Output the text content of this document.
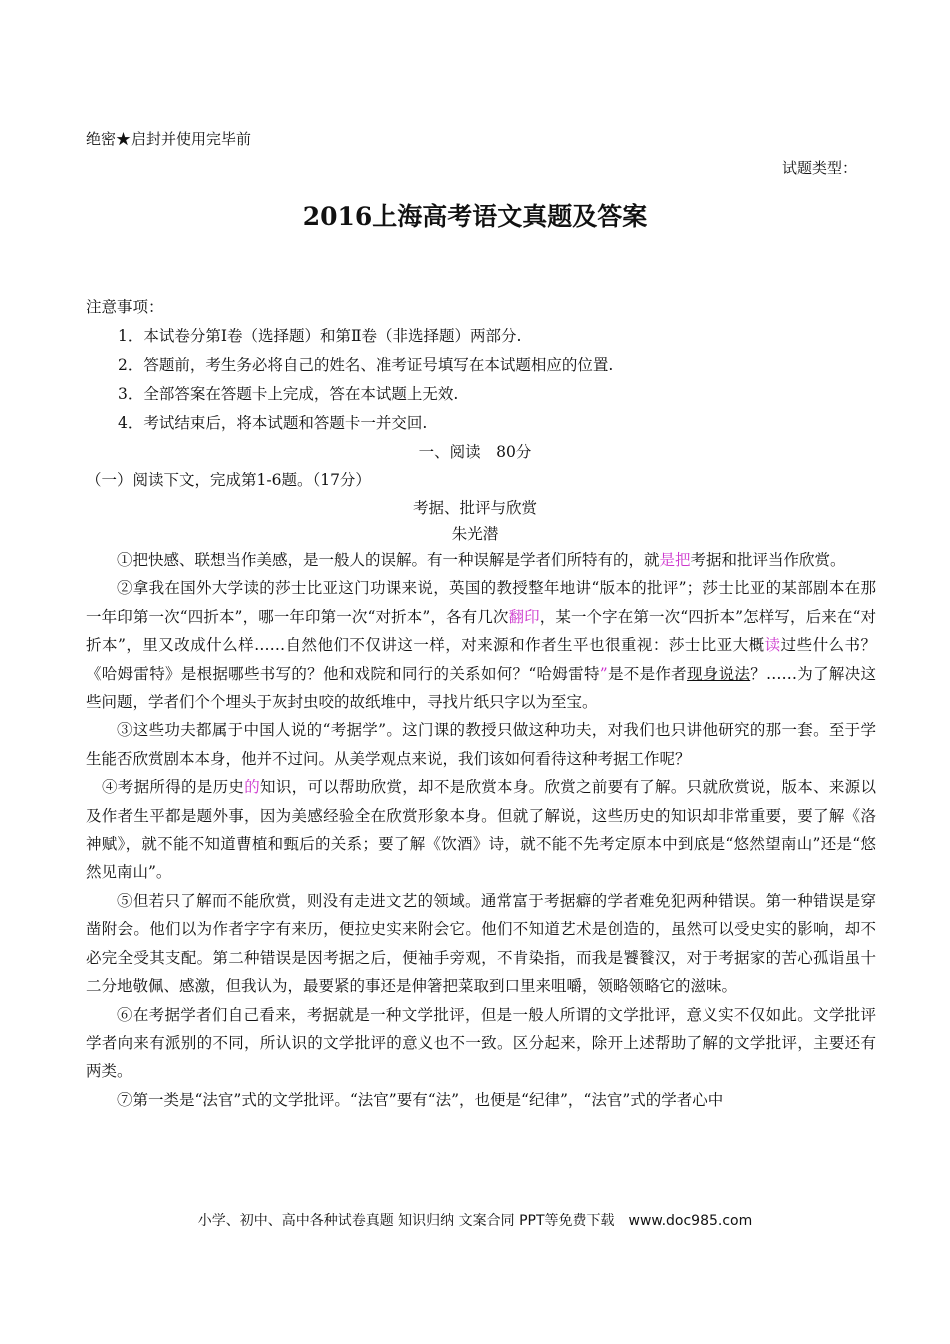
绝密★启封并使用完毕前
试题类型：
2016上海高考语文真题及答案
注意事项：
1．本试卷分第Ⅰ卷（选择题）和第Ⅱ卷（非选择题）两部分.
2．答题前，考生务必将自己的姓名、准考证号填写在本试题相应的位置.
3．全部答案在答题卡上完成，答在本试题上无效.
4．考试结束后，将本试题和答题卡一并交回.
一、阅读　80分
（一）阅读下文，完成第1-6题。（17分）
考据、批评与欣赏
朱光潜

①把快感、联想当作美感，是一般人的误解。有一种误解是学者们所特有的，就是把考据和批评当作欣赏。

②拿我在国外大学读的莎士比亚这门功课来说，英国的教授整年地讲“版本的批评”；莎士比亚的某部剧本在那一年印第一次“四折本”，哪一年印第一次“对折本”，各有几次翻印，某一个字在第一次“四折本”怎样写，后来在“对折本”，里又改成什么样……自然他们不仅讲这一样，对来源和作者生平也很重视：莎士比亚大概读过些什么书？《哈姆雷特》是根据哪些书写的？他和戏院和同行的关系如何？“哈姆雷特”是不是作者现身说法？……为了解决这些问题，学者们个个埋头于灰封虫咬的故纸堆中，寻找片纸只字以为至宝。

③这些功夫都属于中国人说的“考据学”。这门课的教授只做这种功夫，对我们也只讲他研究的那一套。至于学生能否欣赏剧本本身，他并不过问。从美学观点来说，我们该如何看待这种考据工作呢？

④考据所得的是历史的知识，可以帮助欣赏，却不是欣赏本身。欣赏之前要有了解。只就欣赏说，版本、来源以及作者生平都是题外事，因为美感经验全在欣赏形象本身。但就了解说，这些历史的知识却非常重要，要了解《洛神赋》，就不能不知道曹植和甄后的关系；要了解《饮酒》诗，就不能不先考定原本中到底是“悠然望南山”还是“悠然见南山”。

⑤但若只了解而不能欣赏，则没有走进文艺的领域。通常富于考据癖的学者难免犯两种错误。第一种错误是穿凿附会。他们以为作者字字有来历，便拉史实来附会它。他们不知道艺术是创造的，虽然可以受史实的影响，却不必完全受其支配。第二种错误是因考据之后，便袖手旁观，不肯染指，而我是饕餮汉，对于考据家的苦心孤诣虽十二分地敬佩、感激，但我认为，最要紧的事还是伸箸把菜取到口里来咀嚼，领略领略它的滋味。

⑥在考据学者们自己看来，考据就是一种文学批评，但是一般人所谓的文学批评，意义实不仅如此。文学批评学者向来有派别的不同，所认识的文学批评的意义也不一致。区分起来，除开上述帮助了解的文学批评，主要还有两类。

⑦第一类是“法官”式的文学批评。“法官”要有“法”，也便是“纪律”，“法官”式的学者心中

小学、初中、高中各种试卷真题 知识归纳 文案合同 PPT等免费下载　www.doc985.com
